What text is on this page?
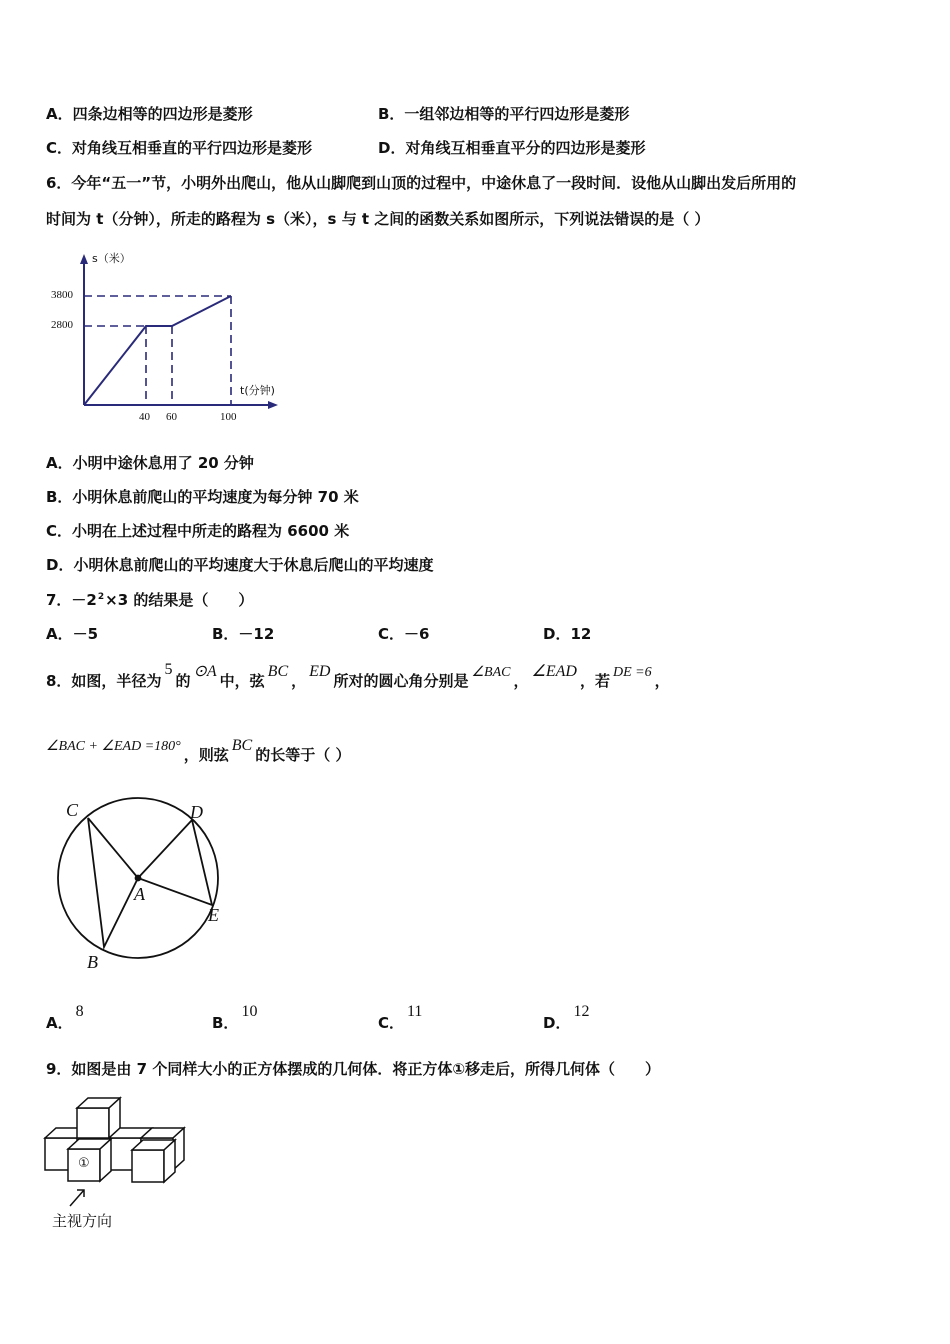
A．四条边相等的四边形是菱形	B．一组邻边相等的平行四边形是菱形
C．对角线互相垂直的平行四边形是菱形	D．对角线互相垂直平分的四边形是菱形
6．今年“五一”节，小明外出爬山，他从山脚爬到山顶的过程中，中途休息了一段时间．设他从山脚出发后所用的
时间为 t（分钟），所走的路程为 s（米），s 与 t 之间的函数关系如图所示，下列说法错误的是（ ）
s（米）
3800
2800
t(分钟)
40 60	100
A．小明中途休息用了 20 分钟
B．小明休息前爬山的平均速度为每分钟 70 米
C．小明在上述过程中所走的路程为 6600 米
D．小明休息前爬山的平均速度大于休息后爬山的平均速度
7．$-2^2\times 3$ 的结果是（　　）
A．－5	B．－12	C．－6	D．12
8．如图，半径为5的⊙A中，弦BC，ED所对的圆心角分别是 ∠BAC ，∠EAD，若 DE =6 ，
∠BAC + ∠EAD =180° ，则弦BC的长等于（ ）
C	D
A
E
B
A．8
B．10
C．11
D．12
9．如图是由 7 个同样大小的正方体摆成的几何体．将正方体①移走后，所得几何体（　　）
①
主视方向
